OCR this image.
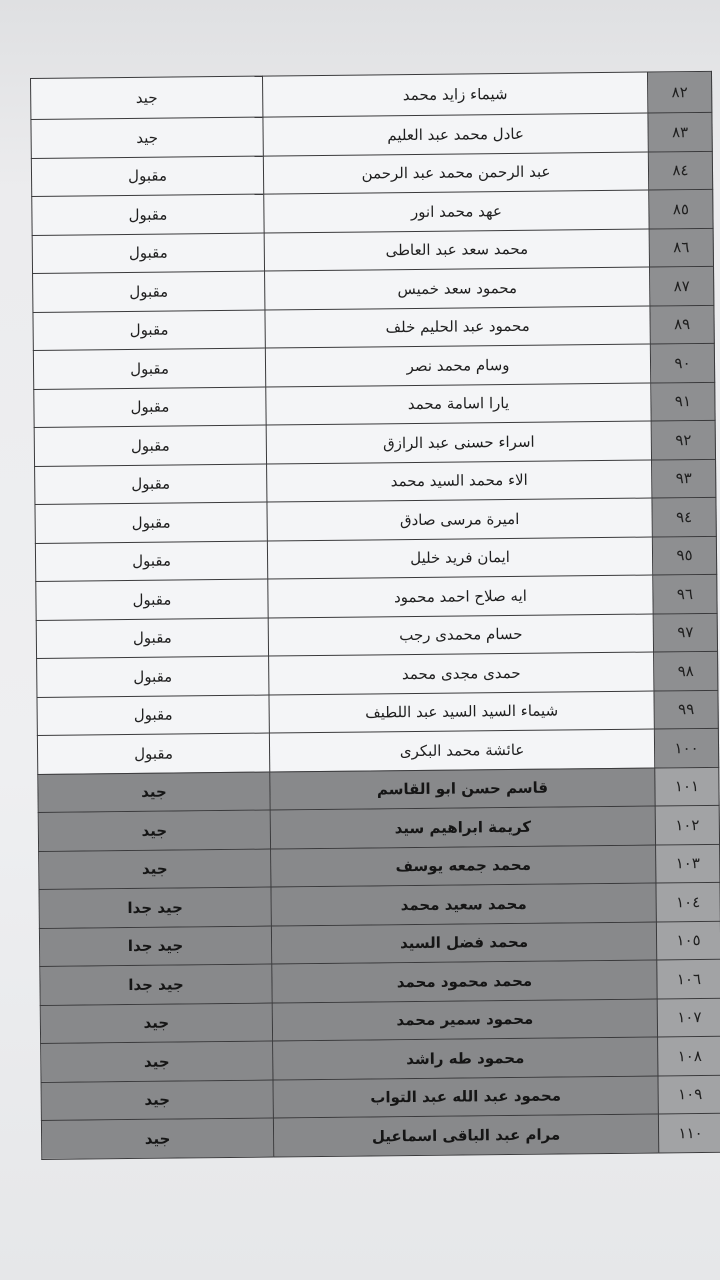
٨٢	شيماء زايد محمد	جيد
٨٣	عادل محمد عبد العليم	جيد
٨٤	عبد الرحمن محمد عبد الرحمن	مقبول
٨٥	عهد محمد انور	مقبول
٨٦	محمد سعد عبد العاطى	مقبول
٨٧	محمود سعد خميس	مقبول
٨٩	محمود عبد الحليم خلف	مقبول
٩٠	وسام محمد نصر	مقبول
٩١	يارا اسامة محمد	مقبول
٩٢	اسراء حسنى عبد الرازق	مقبول
٩٣	الاء محمد السيد محمد	مقبول
٩٤	اميرة مرسى صادق	مقبول
٩٥	ايمان فريد خليل	مقبول
٩٦	ايه صلاح احمد محمود	مقبول
٩٧	حسام محمدى رجب	مقبول
٩٨	حمدى مجدى محمد	مقبول
٩٩	شيماء السيد السيد عبد اللطيف	مقبول
١٠٠	عائشة محمد البكرى	مقبول
١٠١	قاسم حسن ابو القاسم	جيد
١٠٢	كريمة ابراهيم سيد	جيد
١٠٣	محمد جمعه يوسف	جيد
١٠٤	محمد سعيد محمد	جيد جدا
١٠٥	محمد فضل السيد	جيد جدا
١٠٦	محمد محمود محمد	جيد جدا
١٠٧	محمود سمير محمد	جيد
١٠٨	محمود طه راشد	جيد
١٠٩	محمود عبد الله عبد التواب	جيد
١١٠	مرام عبد الباقى اسماعيل	جيد
